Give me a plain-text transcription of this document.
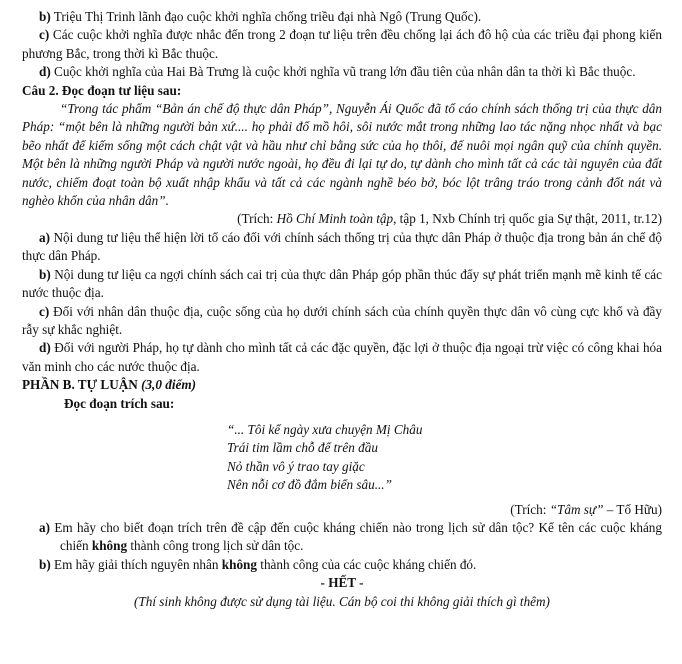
b) Triệu Thị Trinh lãnh đạo cuộc khởi nghĩa chống triều đại nhà Ngô (Trung Quốc).

c) Các cuộc khởi nghĩa được nhắc đến trong 2 đoạn tư liệu trên đều chống lại ách đô hộ của các triều đại phong kiến phương Bắc, trong thời kì Bắc thuộc.

d) Cuộc khởi nghĩa của Hai Bà Trưng là cuộc khởi nghĩa vũ trang lớn đầu tiên của nhân dân ta thời kì Bắc thuộc.

Câu 2. Đọc đoạn tư liệu sau:

“Trong tác phẩm “Bản án chế độ thực dân Pháp”, Nguyễn Ái Quốc đã tố cáo chính sách thống trị của thực dân Pháp: “một bên là những người bản xứ.... họ phải đổ mồ hôi, sôi nước mắt trong những lao tác nặng nhọc nhất và bạc bẽo nhất để kiếm sống một cách chật vật và hầu như chỉ bằng sức của họ thôi, để nuôi mọi ngân quỹ của chính quyền. Một bên là những người Pháp và người nước ngoài, họ đều đi lại tự do, tự dành cho mình tất cả các tài nguyên của đất nước, chiếm đoạt toàn bộ xuất nhập khẩu và tất cả các ngành nghề béo bở, bóc lột trâng tráo trong cảnh đốt nát và nghèo khổn của nhân dân”.

(Trích: Hồ Chí Minh toàn tập, tập 1, Nxb Chính trị quốc gia Sự thật, 2011, tr.12)

a) Nội dung tư liệu thể hiện lời tố cáo đối với chính sách thống trị của thực dân Pháp ở thuộc địa trong bản án chế độ thực dân Pháp.

b) Nội dung tư liệu ca ngợi chính sách cai trị của thực dân Pháp góp phần thúc đẩy sự phát triển mạnh mẽ kinh tế các nước thuộc địa.

c) Đối với nhân dân thuộc địa, cuộc sống của họ dưới chính sách của chính quyền thực dân vô cùng cực khổ và đầy rẫy sự khắc nghiệt.

d) Đối với người Pháp, họ tự dành cho mình tất cả các đặc quyền, đặc lợi ở thuộc địa ngoại trừ việc có công khai hóa văn minh cho các nước thuộc địa.

PHẦN B. TỰ LUẬN (3,0 điểm)

Đọc đoạn trích sau:

“... Tôi kể ngày xưa chuyện Mị Châu

Trái tim lầm chỗ để trên đầu

Nỏ thần vô ý trao tay giặc

Nên nỗi cơ đồ đắm biển sâu...”

(Trích: “Tâm sự” – Tố Hữu)

a) Em hãy cho biết đoạn trích trên đề cập đến cuộc kháng chiến nào trong lịch sử dân tộc? Kể tên các cuộc kháng chiến không thành công trong lịch sử dân tộc.

b) Em hãy giải thích nguyên nhân không thành công của các cuộc kháng chiến đó.

- HẾT -

(Thí sinh không được sử dụng tài liệu. Cán bộ coi thi không giải thích gì thêm)
